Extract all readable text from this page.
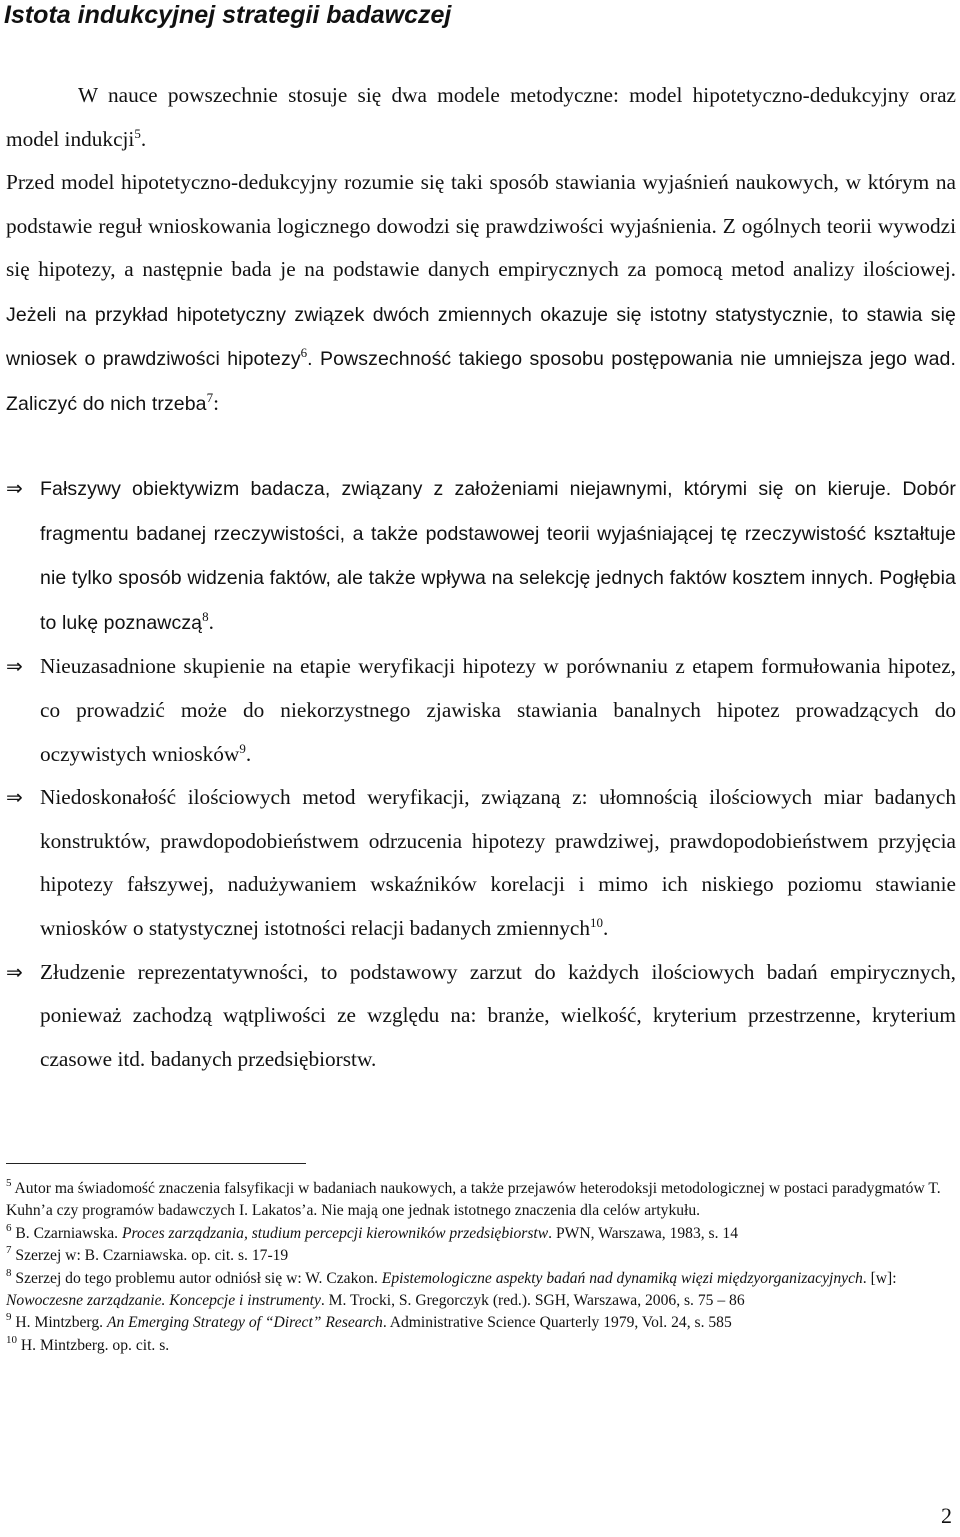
Istota indukcyjnej strategii badawczej

W nauce powszechnie stosuje się dwa modele metodyczne: model hipotetyczno-dedukcyjny oraz model indukcji$^5$.

Przed model hipotetyczno-dedukcyjny rozumie się taki sposób stawiania wyjaśnień naukowych, w którym na podstawie reguł wnioskowania logicznego dowodzi się prawdziwości wyjaśnienia. Z ogólnych teorii wywodzi się hipotezy, a następnie bada je na podstawie danych empirycznych za pomocą metod analizy ilościowej. Jeżeli na przykład hipotetyczny związek dwóch zmiennych okazuje się istotny statystycznie, to stawia się wniosek o prawdziwości hipotezy$^6$. Powszechność takiego sposobu postępowania nie umniejsza jego wad. Zaliczyć do nich trzeba$^7$:

⇒ Fałszywy obiektywizm badacza, związany z założeniami niejawnymi, którymi się on kieruje. Dobór fragmentu badanej rzeczywistości, a także podstawowej teorii wyjaśniającej tę rzeczywistość kształtuje nie tylko sposób widzenia faktów, ale także wpływa na selekcję jednych faktów kosztem innych. Pogłębia to lukę poznawczą$^8$.
⇒ Nieuzasadnione skupienie na etapie weryfikacji hipotezy w porównaniu z etapem formułowania hipotez, co prowadzić może do niekorzystnego zjawiska stawiania banalnych hipotez prowadzących do oczywistych wniosków$^9$.
⇒ Niedoskonałość ilościowych metod weryfikacji, związaną z: ułomnością ilościowych miar badanych konstruktów, prawdopodobieństwem odrzucenia hipotezy prawdziwej, prawdopodobieństwem przyjęcia hipotezy fałszywej, nadużywaniem wskaźników korelacji i mimo ich niskiego poziomu stawianie wniosków o statystycznej istotności relacji badanych zmiennych$^{10}$.
⇒ Złudzenie reprezentatywności, to podstawowy zarzut do każdych ilościowych badań empirycznych, ponieważ zachodzą wątpliwości ze względu na: branże, wielkość, kryterium przestrzenne, kryterium czasowe itd. badanych przedsiębiorstw.

$^5$ Autor ma świadomość znaczenia falsyfikacji w badaniach naukowych, a także przejawów heterodoksji metodologicznej w postaci paradygmatów T. Kuhn’a czy programów badawczych I. Lakatos’a. Nie mają one jednak istotnego znaczenia dla celów artykułu.

$^6$ B. Czarniawska. Proces zarządzania, studium percepcji kierowników przedsiębiorstw. PWN, Warszawa, 1983, s. 14

$^7$ Szerzej w: B. Czarniawska. op. cit. s. 17-19

$^8$ Szerzej do tego problemu autor odniósł się w: W. Czakon. Epistemologiczne aspekty badań nad dynamiką więzi międzyorganizacyjnych. [w]: Nowoczesne zarządzanie. Koncepcje i instrumenty. M. Trocki, S. Gregorczyk (red.). SGH, Warszawa, 2006, s. 75 – 86

$^9$ H. Mintzberg. An Emerging Strategy of “Direct” Research. Administrative Science Quarterly 1979, Vol. 24, s. 585

$^{10}$ H. Mintzberg. op. cit. s.

2
